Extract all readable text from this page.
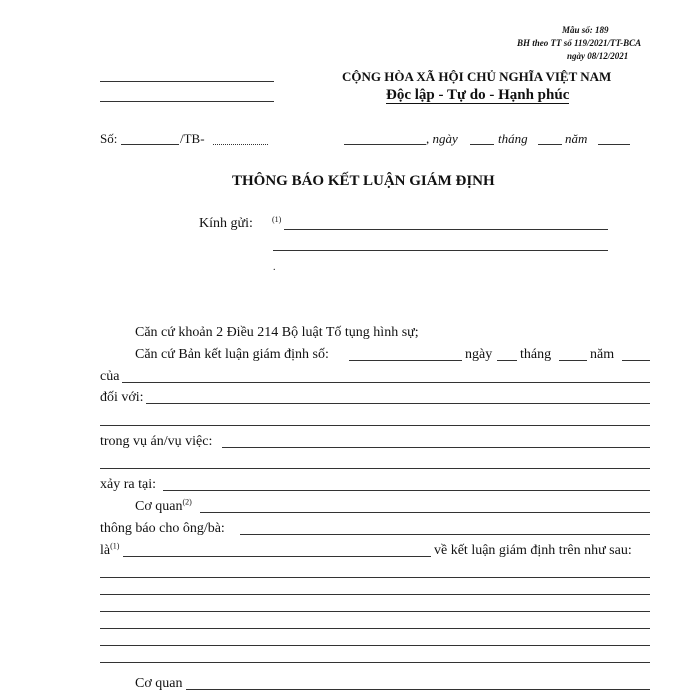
Mẫu số: 189
BH theo TT số 119/2021/TT-BCA
ngày 08/12/2021
CỘNG HÒA XÃ HỘI CHỦ NGHĨA VIỆT NAM
Độc lập - Tự do - Hạnh phúc
Số:	/TB-	, ngày	tháng	năm
THÔNG BÁO KẾT LUẬN GIÁM ĐỊNH
Kính gửi: (1)
.
Căn cứ khoản 2 Điều 214 Bộ luật Tố tụng hình sự;
Căn cứ Bản kết luận giám định số:	ngày tháng	năm
của
đối với:
trong vụ án/vụ việc:
xảy ra tại:
Cơ quan$^{(2)}$
thông báo cho ông/bà:
$là^{(1)}$	về kết luận giám định trên như sau:
Cơ quan
